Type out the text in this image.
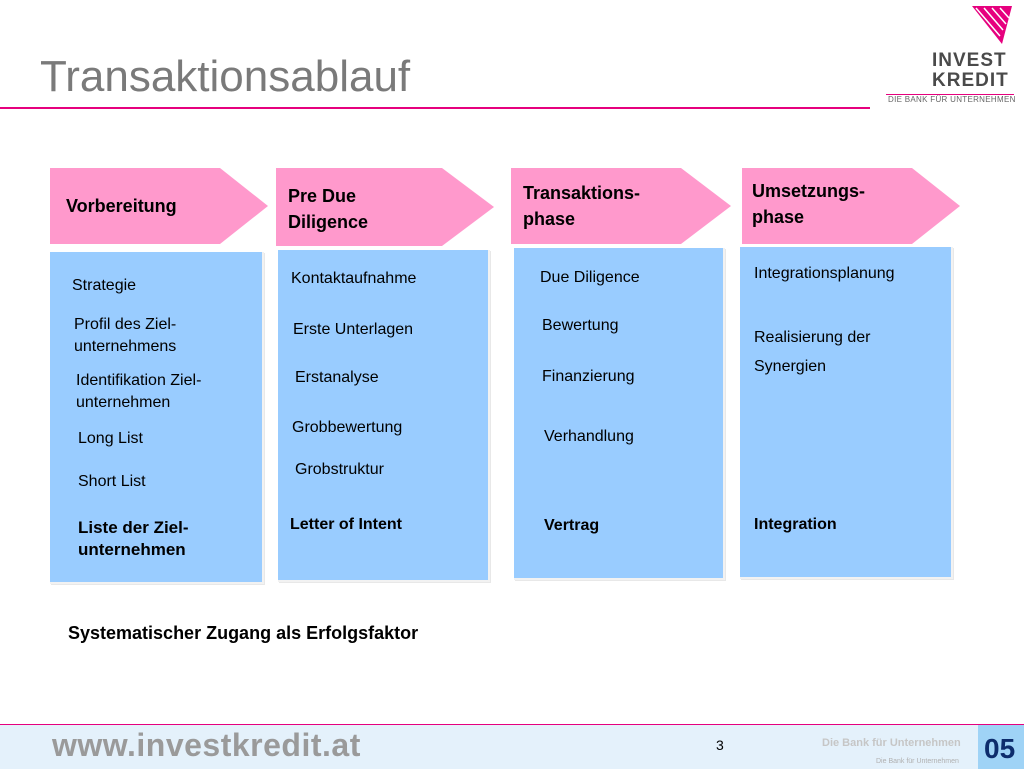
Transaktionsablauf	INVEST
KREDIT
DIE BANK FÜR UNTERNEHMEN
Vorbereitung	Pre Due
Diligence
Transaktions-
phase
Umsetzungs-
phase
Strategie
Profil des Ziel-
unternehmens
Identifikation Ziel-
unternehmen
Long List
Short List
Liste der Ziel-
unternehmen
Kontaktaufnahme
Erste Unterlagen
Erstanalyse
Grobbewertung
Grobstruktur
Letter of Intent
Due Diligence
Bewertung
Finanzierung
Verhandlung
Vertrag
Integrationsplanung
Realisierung der
Synergien
Integration
Systematischer Zugang als Erfolgsfaktor
www.investkredit.at	3	Die Bank für Unternehmen
Die Bank für Unternehmen 05
